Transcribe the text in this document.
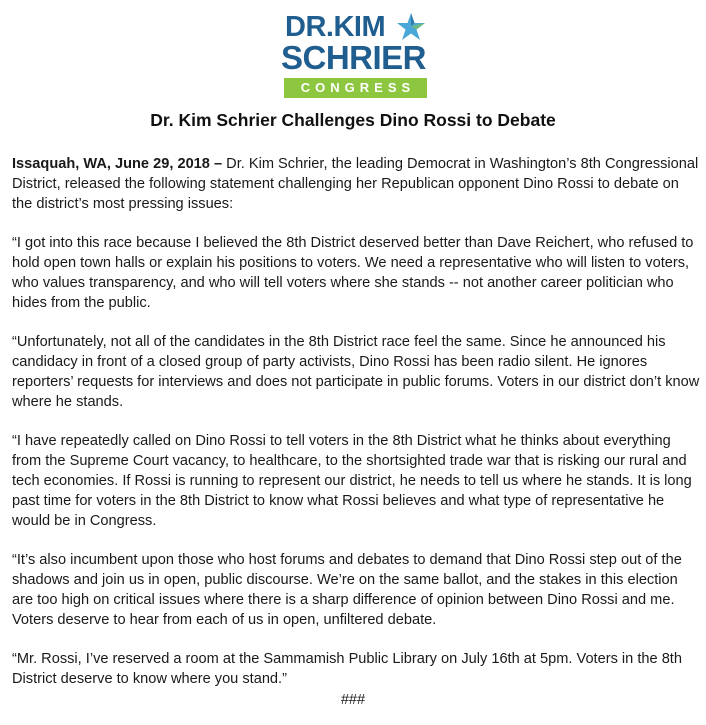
DR.KIM
SCHRIER
CONGRESS
Dr. Kim Schrier Challenges Dino Rossi to Debate

Issaquah, WA, June 29, 2018 – Dr. Kim Schrier, the leading Democrat in Washington’s 8th Congressional District, released the following statement challenging her Republican opponent Dino Rossi to debate on the district’s most pressing issues:

“I got into this race because I believed the 8th District deserved better than Dave Reichert, who refused to hold open town halls or explain his positions to voters. We need a representative who will listen to voters, who values transparency, and who will tell voters where she stands -- not another career politician who hides from the public.

“Unfortunately, not all of the candidates in the 8th District race feel the same. Since he announced his candidacy in front of a closed group of party activists, Dino Rossi has been radio silent. He ignores reporters’ requests for interviews and does not participate in public forums. Voters in our district don’t know where he stands.

“I have repeatedly called on Dino Rossi to tell voters in the 8th District what he thinks about everything from the Supreme Court vacancy, to healthcare, to the shortsighted trade war that is risking our rural and tech economies. If Rossi is running to represent our district, he needs to tell us where he stands. It is long past time for voters in the 8th District to know what Rossi believes and what type of representative he would be in Congress.

“It’s also incumbent upon those who host forums and debates to demand that Dino Rossi step out of the shadows and join us in open, public discourse. We’re on the same ballot, and the stakes in this election are too high on critical issues where there is a sharp difference of opinion between Dino Rossi and me. Voters deserve to hear from each of us in open, unfiltered debate.

“Mr. Rossi, I’ve reserved a room at the Sammamish Public Library on July 16th at 5pm. Voters in the 8th District deserve to know where you stand.”

###
